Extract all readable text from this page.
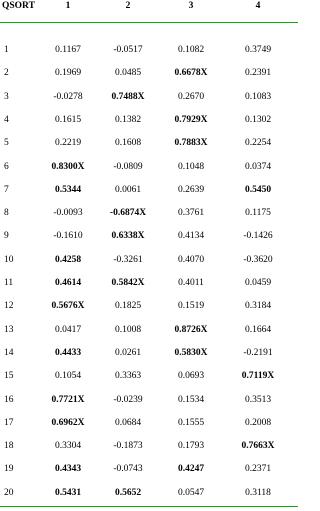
QSORT	1	2	3	4
1	0.1167	-0.0517	0.1082	0.3749
2	0.1969	0.0485	0.6678X	0.2391
3	-0.0278	0.7488X	0.2670	0.1083
4	0.1615	0.1382	0.7929X	0.1302
5	0.2219	0.1608	0.7883X	0.2254
6	0.8300X	-0.0809	0.1048	0.0374
7	0.5344	0.0061	0.2639	0.5450
8	-0.0093	-0.6874X	0.3761	0.1175
9	-0.1610	0.6338X	0.4134	-0.1426
10	0.4258	-0.3261	0.4070	-0.3620
11	0.4614	0.5842X	0.4011	0.0459
12	0.5676X	0.1825	0.1519	0.3184
13	0.0417	0.1008	0.8726X	0.1664
14	0.4433	0.0261	0.5830X	-0.2191
15	0.1054	0.3363	0.0693	0.7119X
16	0.7721X	-0.0239	0.1534	0.3513
17	0.6962X	0.0684	0.1555	0.2008
18	0.3304	-0.1873	0.1793	0.7663X
19	0.4343	-0.0743	0.4247	0.2371
20	0.5431	0.5652	0.0547	0.3118
